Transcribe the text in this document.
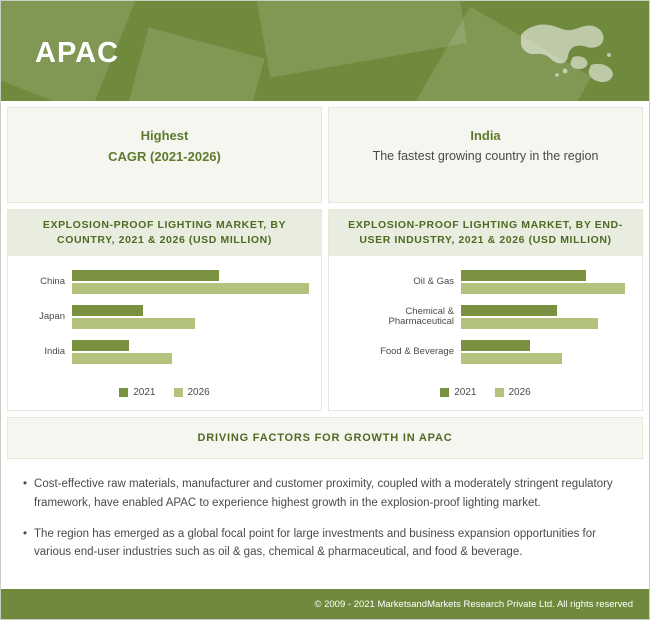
APAC
Highest
CAGR (2021-2026)
India
The fastest growing country in the region
EXPLOSION-PROOF LIGHTING MARKET, BY COUNTRY, 2021 & 2026 (USD MILLION)
China
Japan
India
2021	2026
EXPLOSION-PROOF LIGHTING MARKET, BY END-USER INDUSTRY, 2021 & 2026 (USD MILLION)
Oil & Gas
Chemical & Pharmaceutical
Food & Beverage
2021	2026
DRIVING FACTORS FOR GROWTH IN APAC
• Cost-effective raw materials, manufacturer and customer proximity, coupled with a moderately stringent regulatory framework, have enabled APAC to experience highest growth in the explosion-proof lighting market.
• The region has emerged as a global focal point for large investments and business expansion opportunities for various end-user industries such as oil & gas, chemical & pharmaceutical, and food & beverage.
© 2009 - 2021 MarketsandMarkets Research Private Ltd. All rights reserved
